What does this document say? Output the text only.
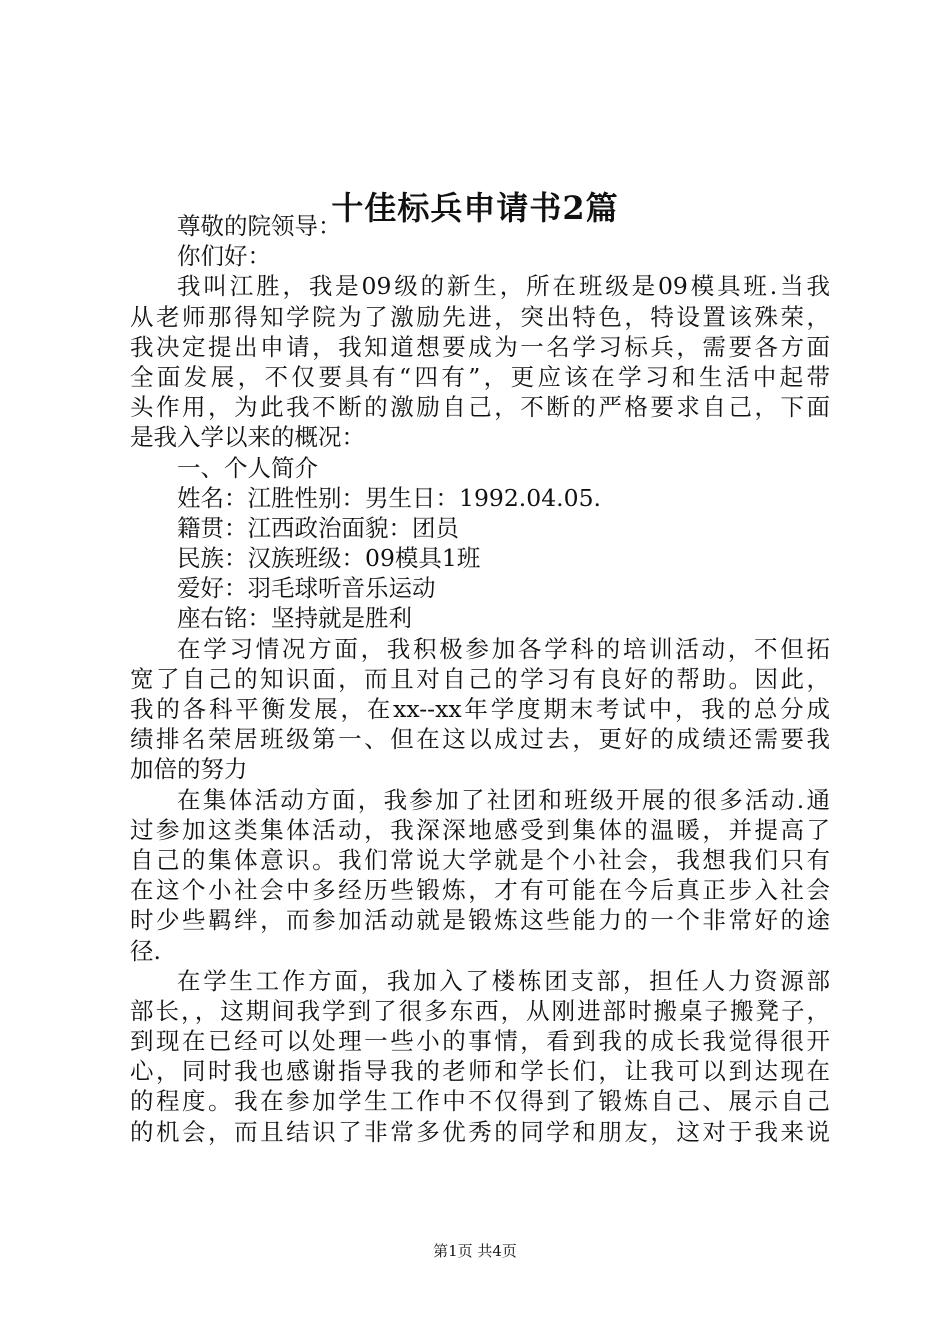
十佳标兵申请书2篇
尊敬的院领导：
你们好：
我叫江胜，我是09级的新生，所在班级是09模具班.当我
从老师那得知学院为了激励先进，突出特色，特设置该殊荣，
我决定提出申请，我知道想要成为一名学习标兵，需要各方面
全面发展，不仅要具有“四有”，更应该在学习和生活中起带
头作用，为此我不断的激励自己，不断的严格要求自己，下面
是我入学以来的概况：
一、个人简介
姓名：江胜性别：男生日：1992.04.05.
籍贯：江西政治面貌：团员
民族：汉族班级：09模具1班
爱好：羽毛球听音乐运动
座右铭：坚持就是胜利
在学习情况方面，我积极参加各学科的培训活动，不但拓
宽了自己的知识面，而且对自己的学习有良好的帮助。因此，
我的各科平衡发展，在xx--xx年学度期末考试中，我的总分成
绩排名荣居班级第一、但在这以成过去，更好的成绩还需要我
加倍的努力
在集体活动方面，我参加了社团和班级开展的很多活动.通
过参加这类集体活动，我深深地感受到集体的温暖，并提高了
自己的集体意识。我们常说大学就是个小社会，我想我们只有
在这个小社会中多经历些锻炼，才有可能在今后真正步入社会
时少些羁绊，而参加活动就是锻炼这些能力的一个非常好的途
径.
在学生工作方面，我加入了楼栋团支部，担任人力资源部
部长，，这期间我学到了很多东西，从刚进部时搬桌子搬凳子，
到现在已经可以处理一些小的事情，看到我的成长我觉得很开
心，同时我也感谢指导我的老师和学长们，让我可以到达现在
的程度。我在参加学生工作中不仅得到了锻炼自己、展示自己
的机会，而且结识了非常多优秀的同学和朋友，这对于我来说
第1页 共4页
